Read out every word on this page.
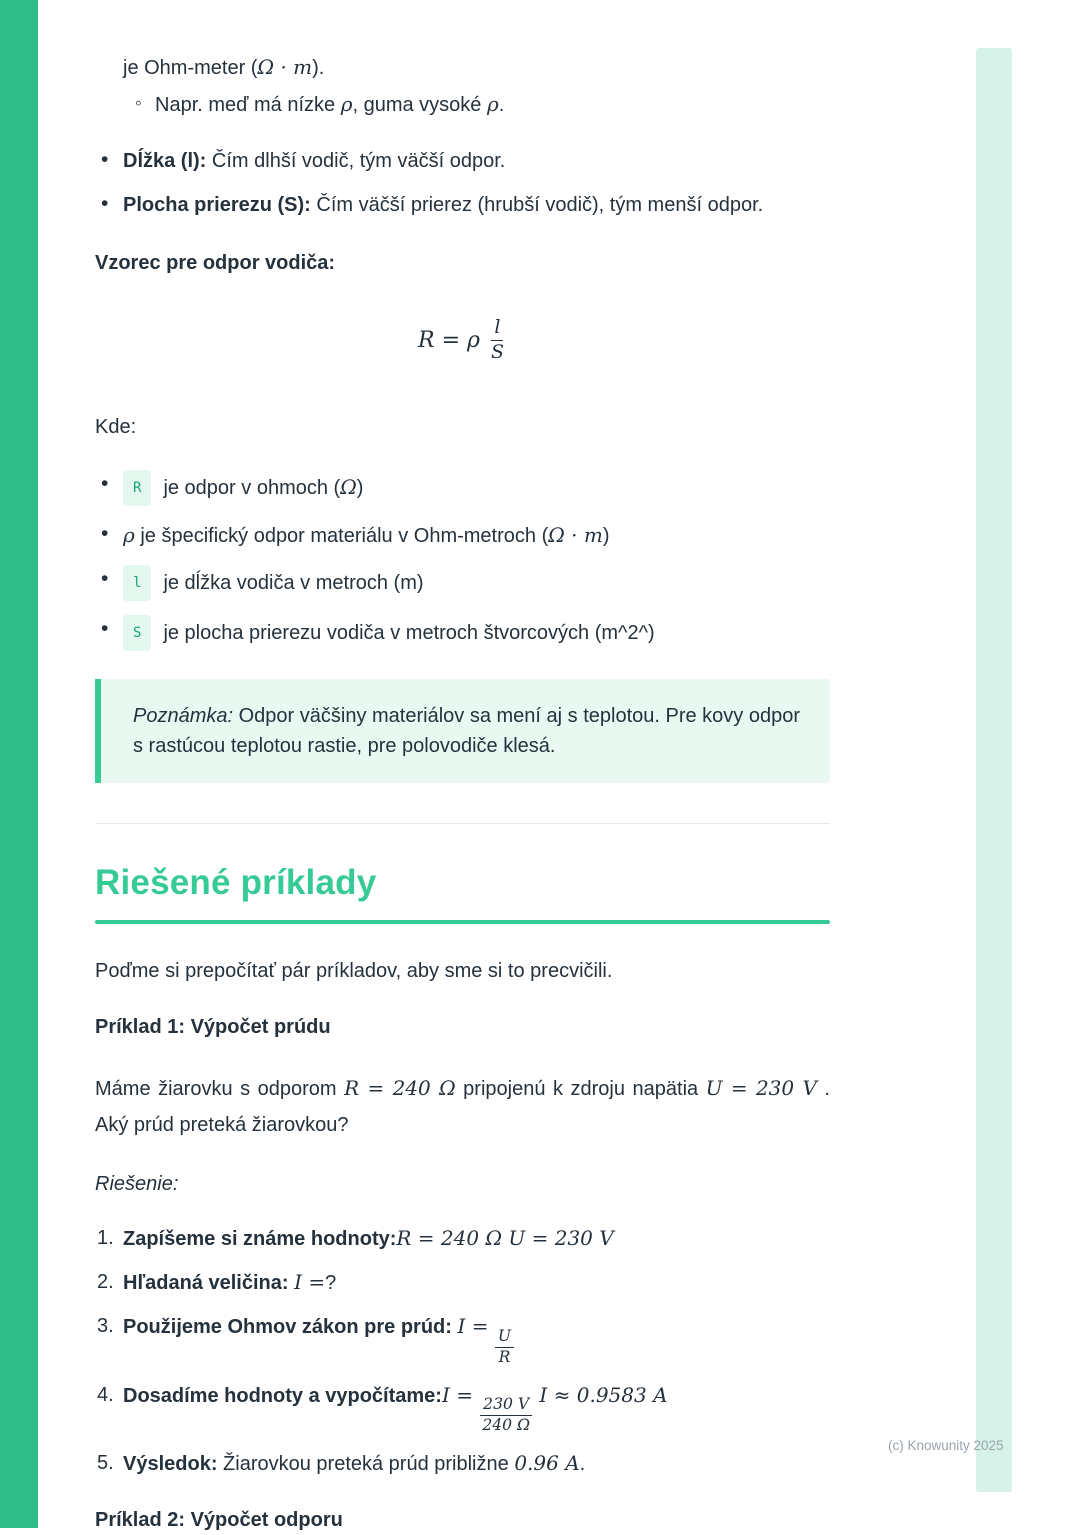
je Ohm-meter (Ω · m).
◦ Napr. meď má nízke ρ, guma vysoké ρ.
• Dĺžka (l): Čím dlhší vodič, tým väčší odpor.
• Plocha prierezu (S): Čím väčší prierez (hrubší vodič), tým menší odpor.

Vzorec pre odpor vodiča:

R = ρ $\frac{l}{S}$

Kde:

• R je odpor v ohmoch (Ω)
• ρ je špecifický odpor materiálu v Ohm-metroch (Ω · m)
• l je dĺžka vodiča v metroch (m)
• S je plocha prierezu vodiča v metroch štvorcových (m^2^)
Poznámka: Odpor väčšiny materiálov sa mení aj s teplotou. Pre kovy odpor s rastúcou teplotou rastie, pre polovodiče klesá.
Riešené príklady

Poďme si prepočítať pár príkladov, aby sme si to precvičili.

Príklad 1: Výpočet prúdu

Máme žiarovku s odporom R = 240 Ω pripojenú k zdroju napätia U = 230 V . Aký prúd preteká žiarovkou?

Riešenie:

Zapíšeme si známe hodnoty:R = 240 Ω U = 230 V
Hľadaná veličina: I =?
Použijeme Ohmov zákon pre prúd: I =
$\frac{U}{R}$
Dosadíme hodnoty a vypočítame:I =
$\frac{230 V}{240 \Omega}$
I ≈ 0.9583 A
Výsledok: Žiarovkou preteká prúd približne 0.96 A.

Príklad 2: Výpočet odporu

(c) Knowunity 2025
